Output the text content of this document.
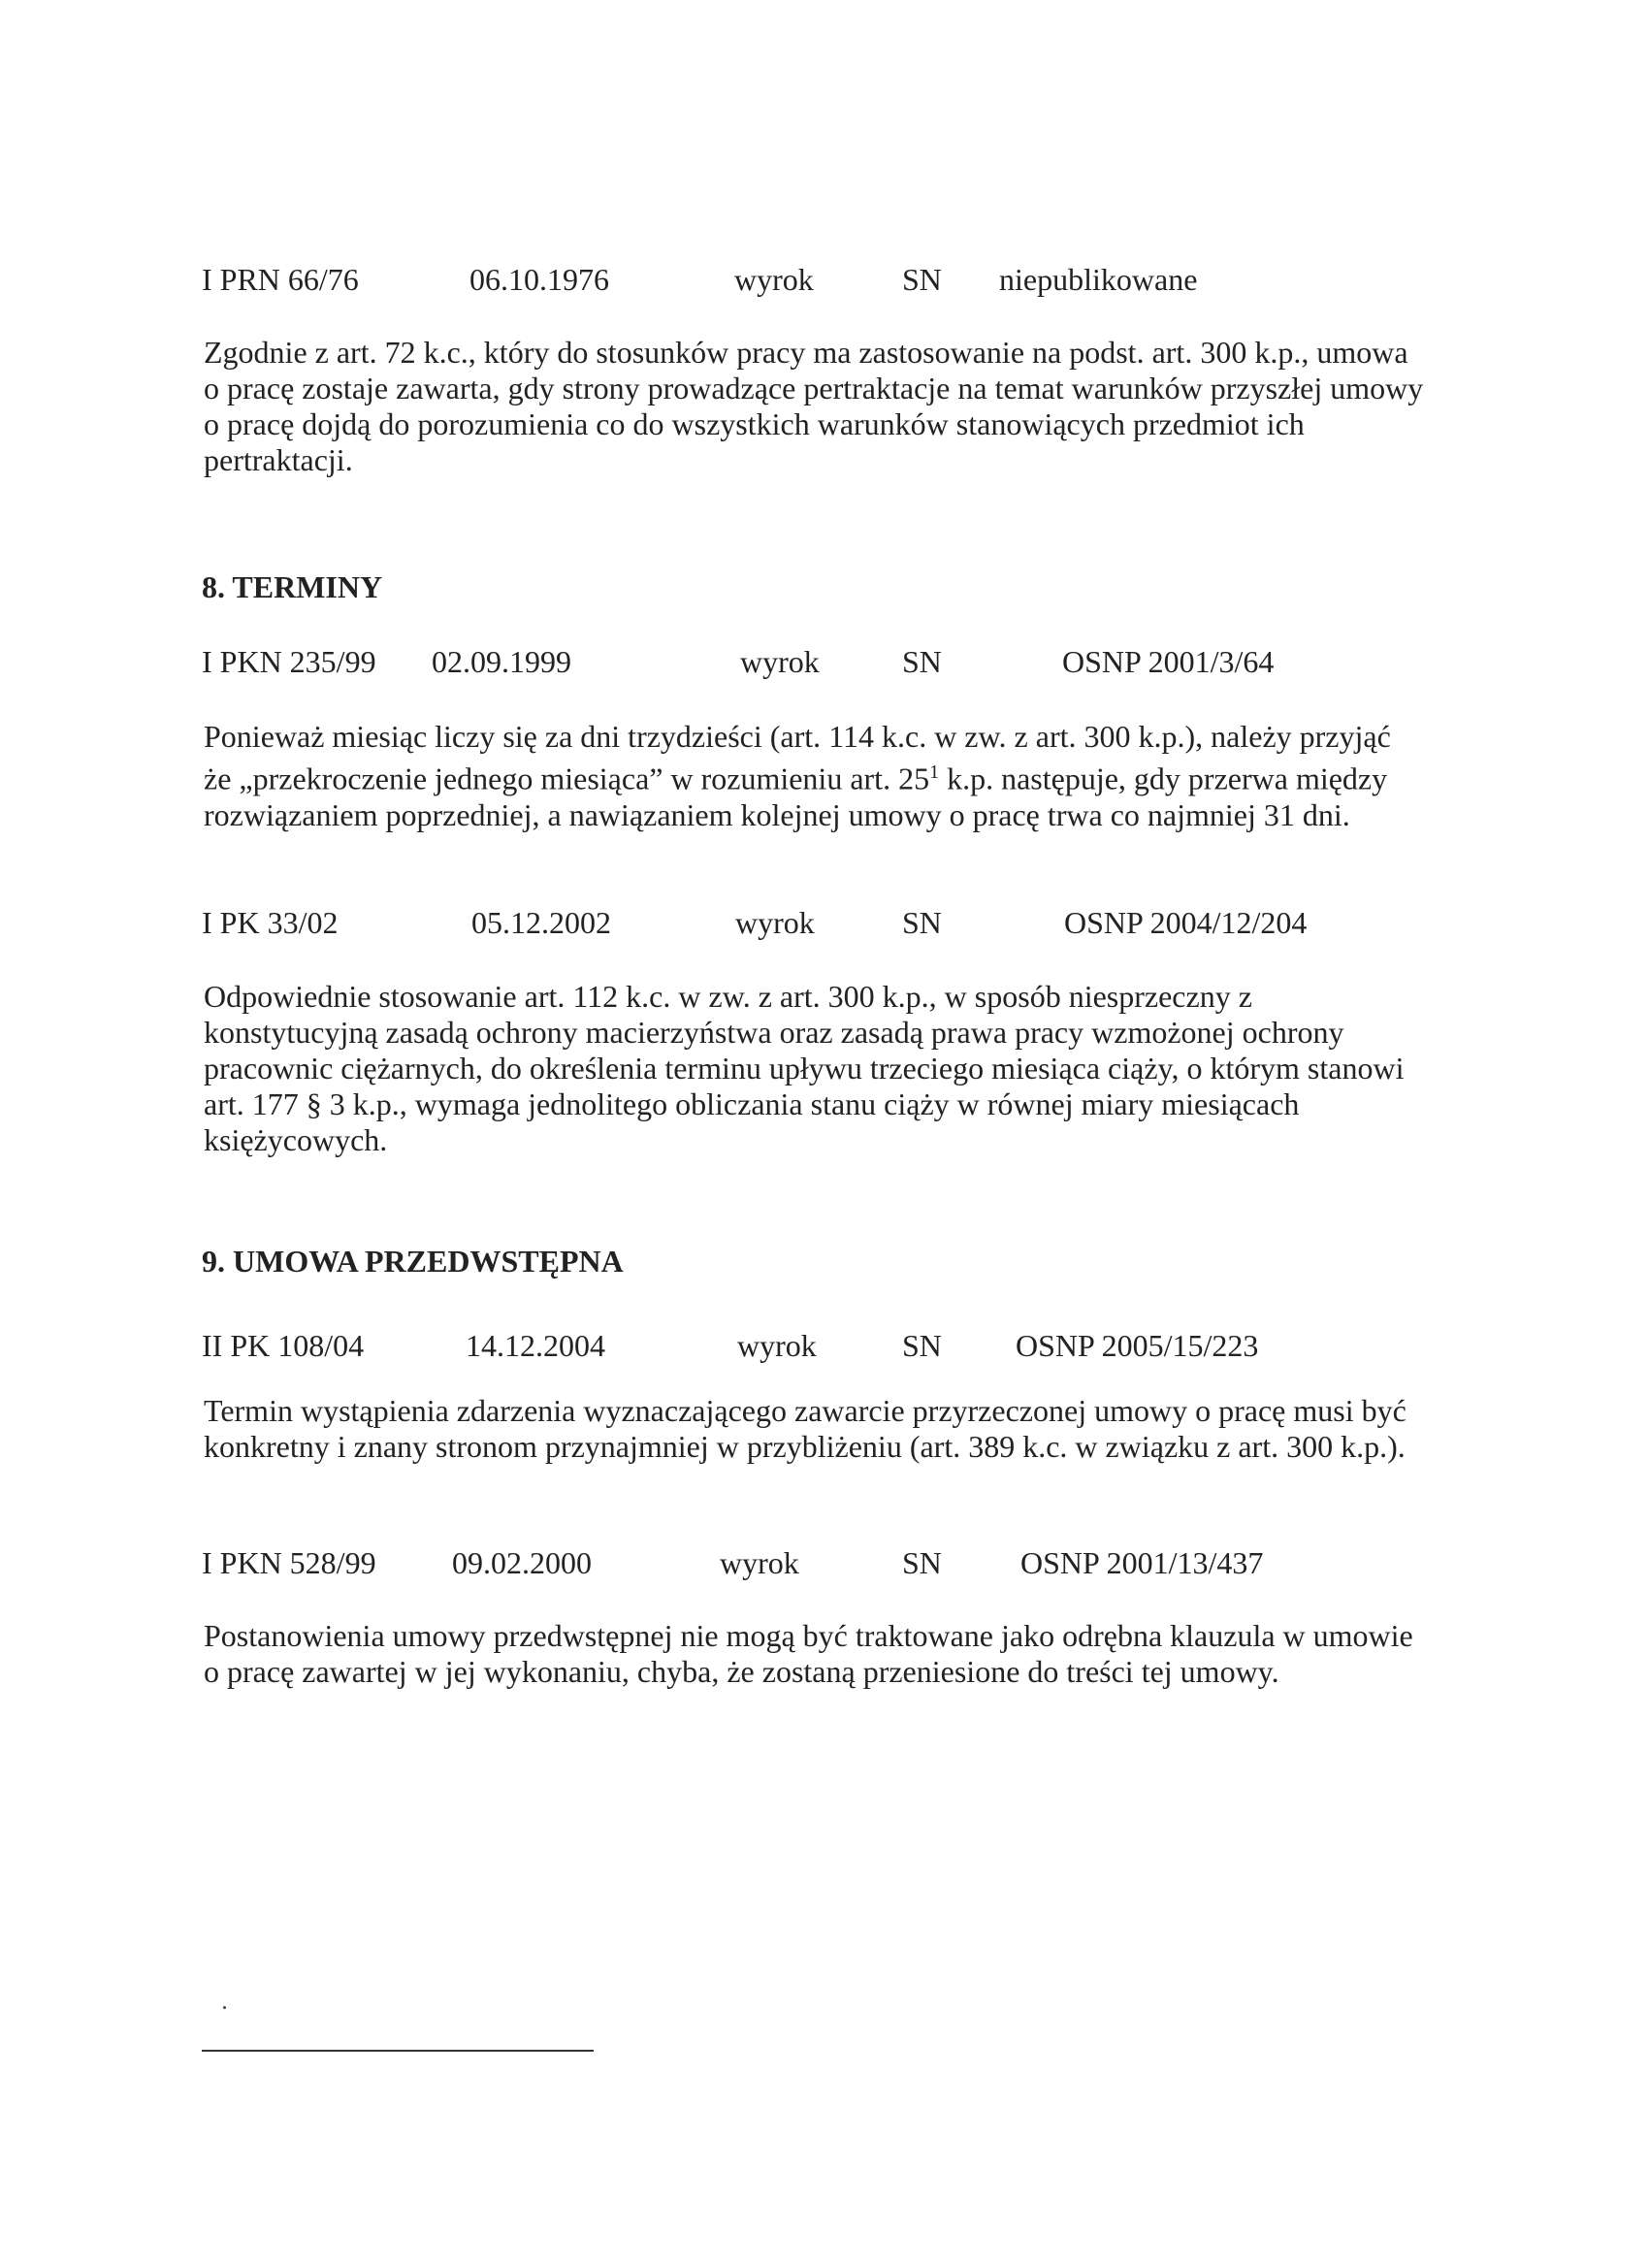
I PRN 66/76	06.10.1976	wyrok	SN niepublikowane
Zgodnie z art. 72 k.c., który do stosunków pracy ma zastosowanie na podst. art. 300 k.p., umowa o pracę zostaje zawarta, gdy strony prowadzące pertraktacje na temat warunków przyszłej umowy o pracę dojdą do porozumienia co do wszystkich warunków stanowiących przedmiot ich pertraktacji.
8. TERMINY
I PKN 235/99 02.09.1999	wyrok	SN	OSNP 2001/3/64
Ponieważ miesiąc liczy się za dni trzydzieści (art. 114 k.c. w zw. z art. 300 k.p.), należy przyjąć że „przekroczenie jednego miesiąca” w rozumieniu art. $25^1$ k.p. następuje, gdy przerwa między rozwiązaniem poprzedniej, a nawiązaniem kolejnej umowy o pracę trwa co najmniej 31 dni.
I PK 33/02	05.12.2002	wyrok	SN	OSNP 2004/12/204
Odpowiednie stosowanie art. 112 k.c. w zw. z art. 300 k.p., w sposób niesprzeczny z konstytucyjną zasadą ochrony macierzyństwa oraz zasadą prawa pracy wzmożonej ochrony pracownic ciężarnych, do określenia terminu upływu trzeciego miesiąca ciąży, o którym stanowi art. 177 § 3 k.p., wymaga jednolitego obliczania stanu ciąży w równej miary miesiącach księżycowych.
9. UMOWA PRZEDWSTĘPNA
II PK 108/04	14.12.2004	wyrok	SN OSNP 2005/15/223
Termin wystąpienia zdarzenia wyznaczającego zawarcie przyrzeczonej umowy o pracę musi być konkretny i znany stronom przynajmniej w przybliżeniu (art. 389 k.c. w związku z art. 300 k.p.).
I PKN 528/99 09.02.2000	wyrok	SN	OSNP 2001/13/437
Postanowienia umowy przedwstępnej nie mogą być traktowane jako odrębna klauzula w umowie o pracę zawartej w jej wykonaniu, chyba, że zostaną przeniesione do treści tej umowy.
